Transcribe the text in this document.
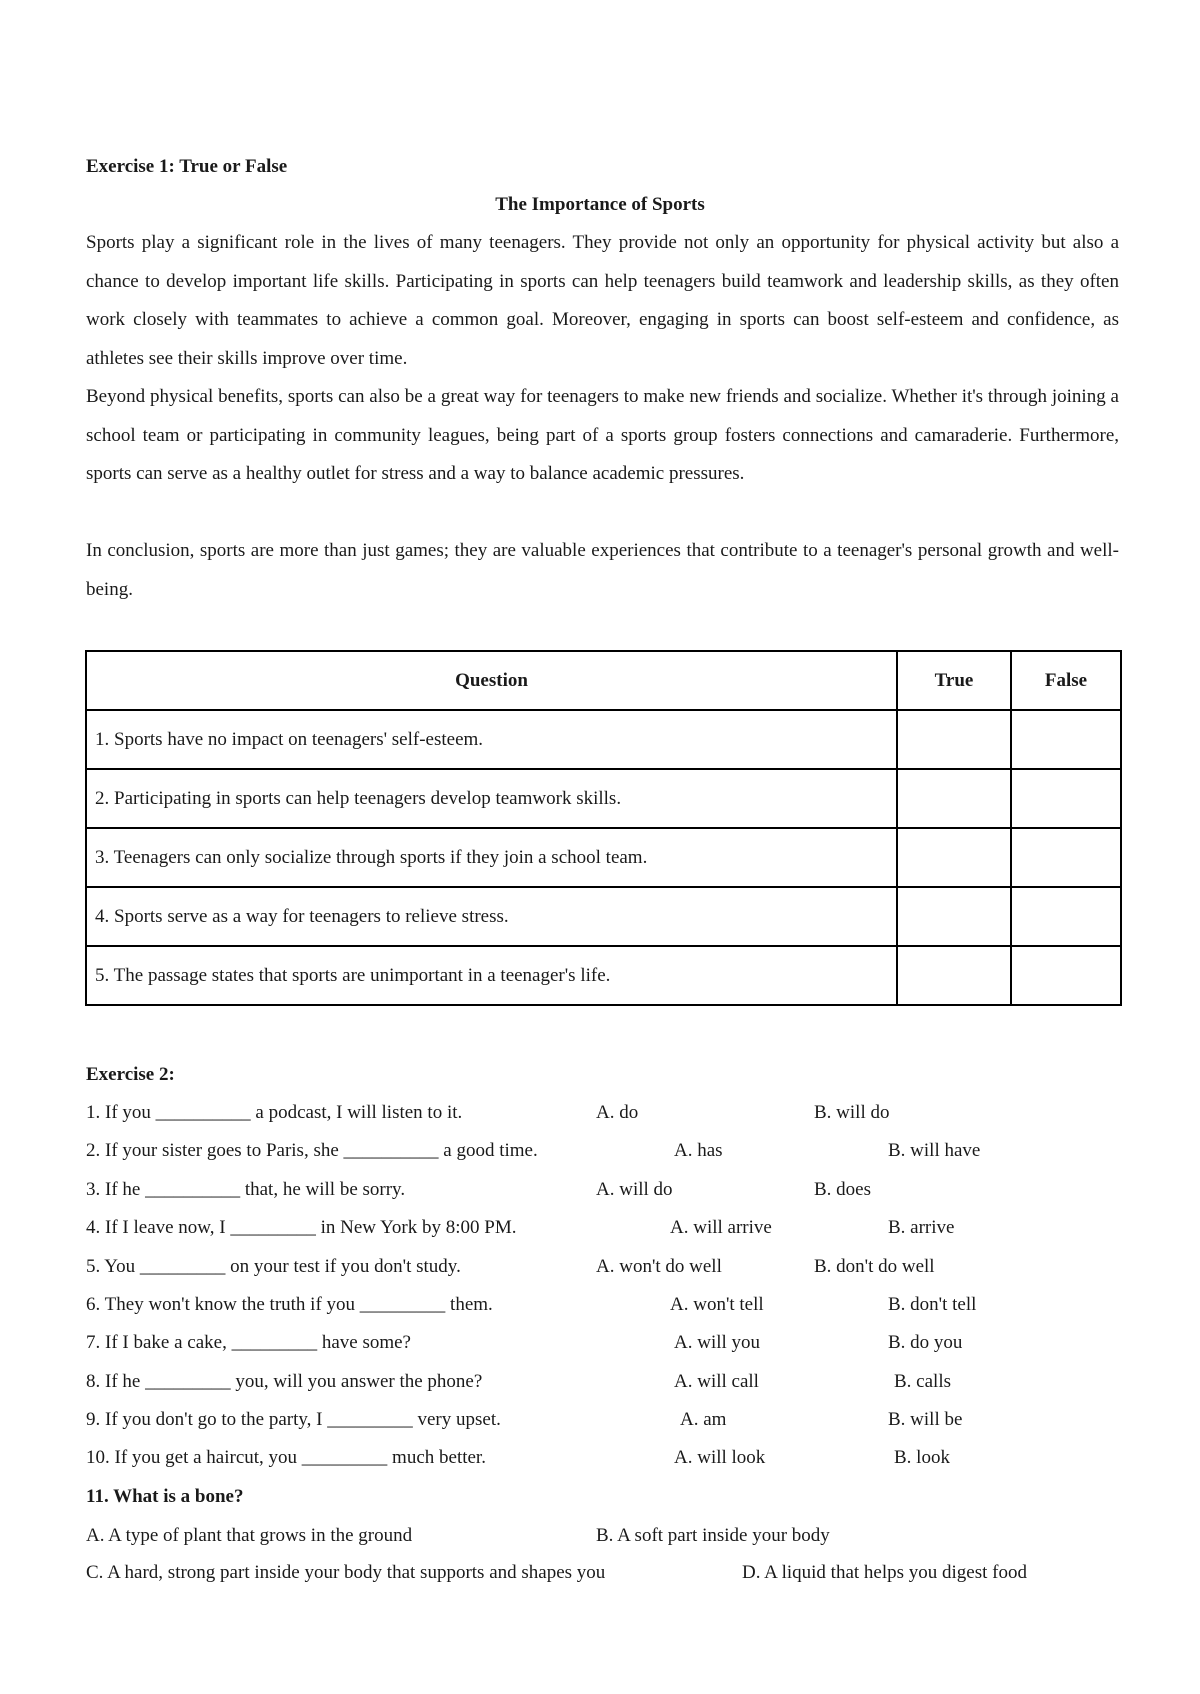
Exercise 1: True or False
The Importance of Sports
Sports play a significant role in the lives of many teenagers. They provide not only an opportunity for physical activity but also a chance to develop important life skills. Participating in sports can help teenagers build teamwork and leadership skills, as they often work closely with teammates to achieve a common goal. Moreover, engaging in sports can boost self-esteem and confidence, as athletes see their skills improve over time.
Beyond physical benefits, sports can also be a great way for teenagers to make new friends and socialize. Whether it's through joining a school team or participating in community leagues, being part of a sports group fosters connections and camaraderie. Furthermore, sports can serve as a healthy outlet for stress and a way to balance academic pressures.
In conclusion, sports are more than just games; they are valuable experiences that contribute to a teenager's personal growth and well-being.
Question	True	False
1. Sports have no impact on teenagers' self-esteem.		
2. Participating in sports can help teenagers develop teamwork skills.		
3. Teenagers can only socialize through sports if they join a school team.		
4. Sports serve as a way for teenagers to relieve stress.		
5. The passage states that sports are unimportant in a teenager's life.		
Exercise 2:
1. If you __________ a podcast, I will listen to it.	A. do	B. will do
2. If your sister goes to Paris, she __________ a good time.	A. has	B. will have
3. If he __________ that, he will be sorry.	A. will do	B. does
4. If I leave now, I _________ in New York by 8:00 PM.	A. will arrive	B. arrive
5. You _________ on your test if you don't study.	A. won't do well	B. don't do well
6. They won't know the truth if you _________ them.	A. won't tell	B. don't tell
7. If I bake a cake, _________ have some?	A. will you	B. do you
8. If he _________ you, will you answer the phone?	A. will call	B. calls
9. If you don't go to the party, I _________ very upset.	A. am	B. will be
10. If you get a haircut, you _________ much better.	A. will look	B. look
11. What is a bone?
A. A type of plant that grows in the ground	B. A soft part inside your body
C. A hard, strong part inside your body that supports and shapes you	D. A liquid that helps you digest food
